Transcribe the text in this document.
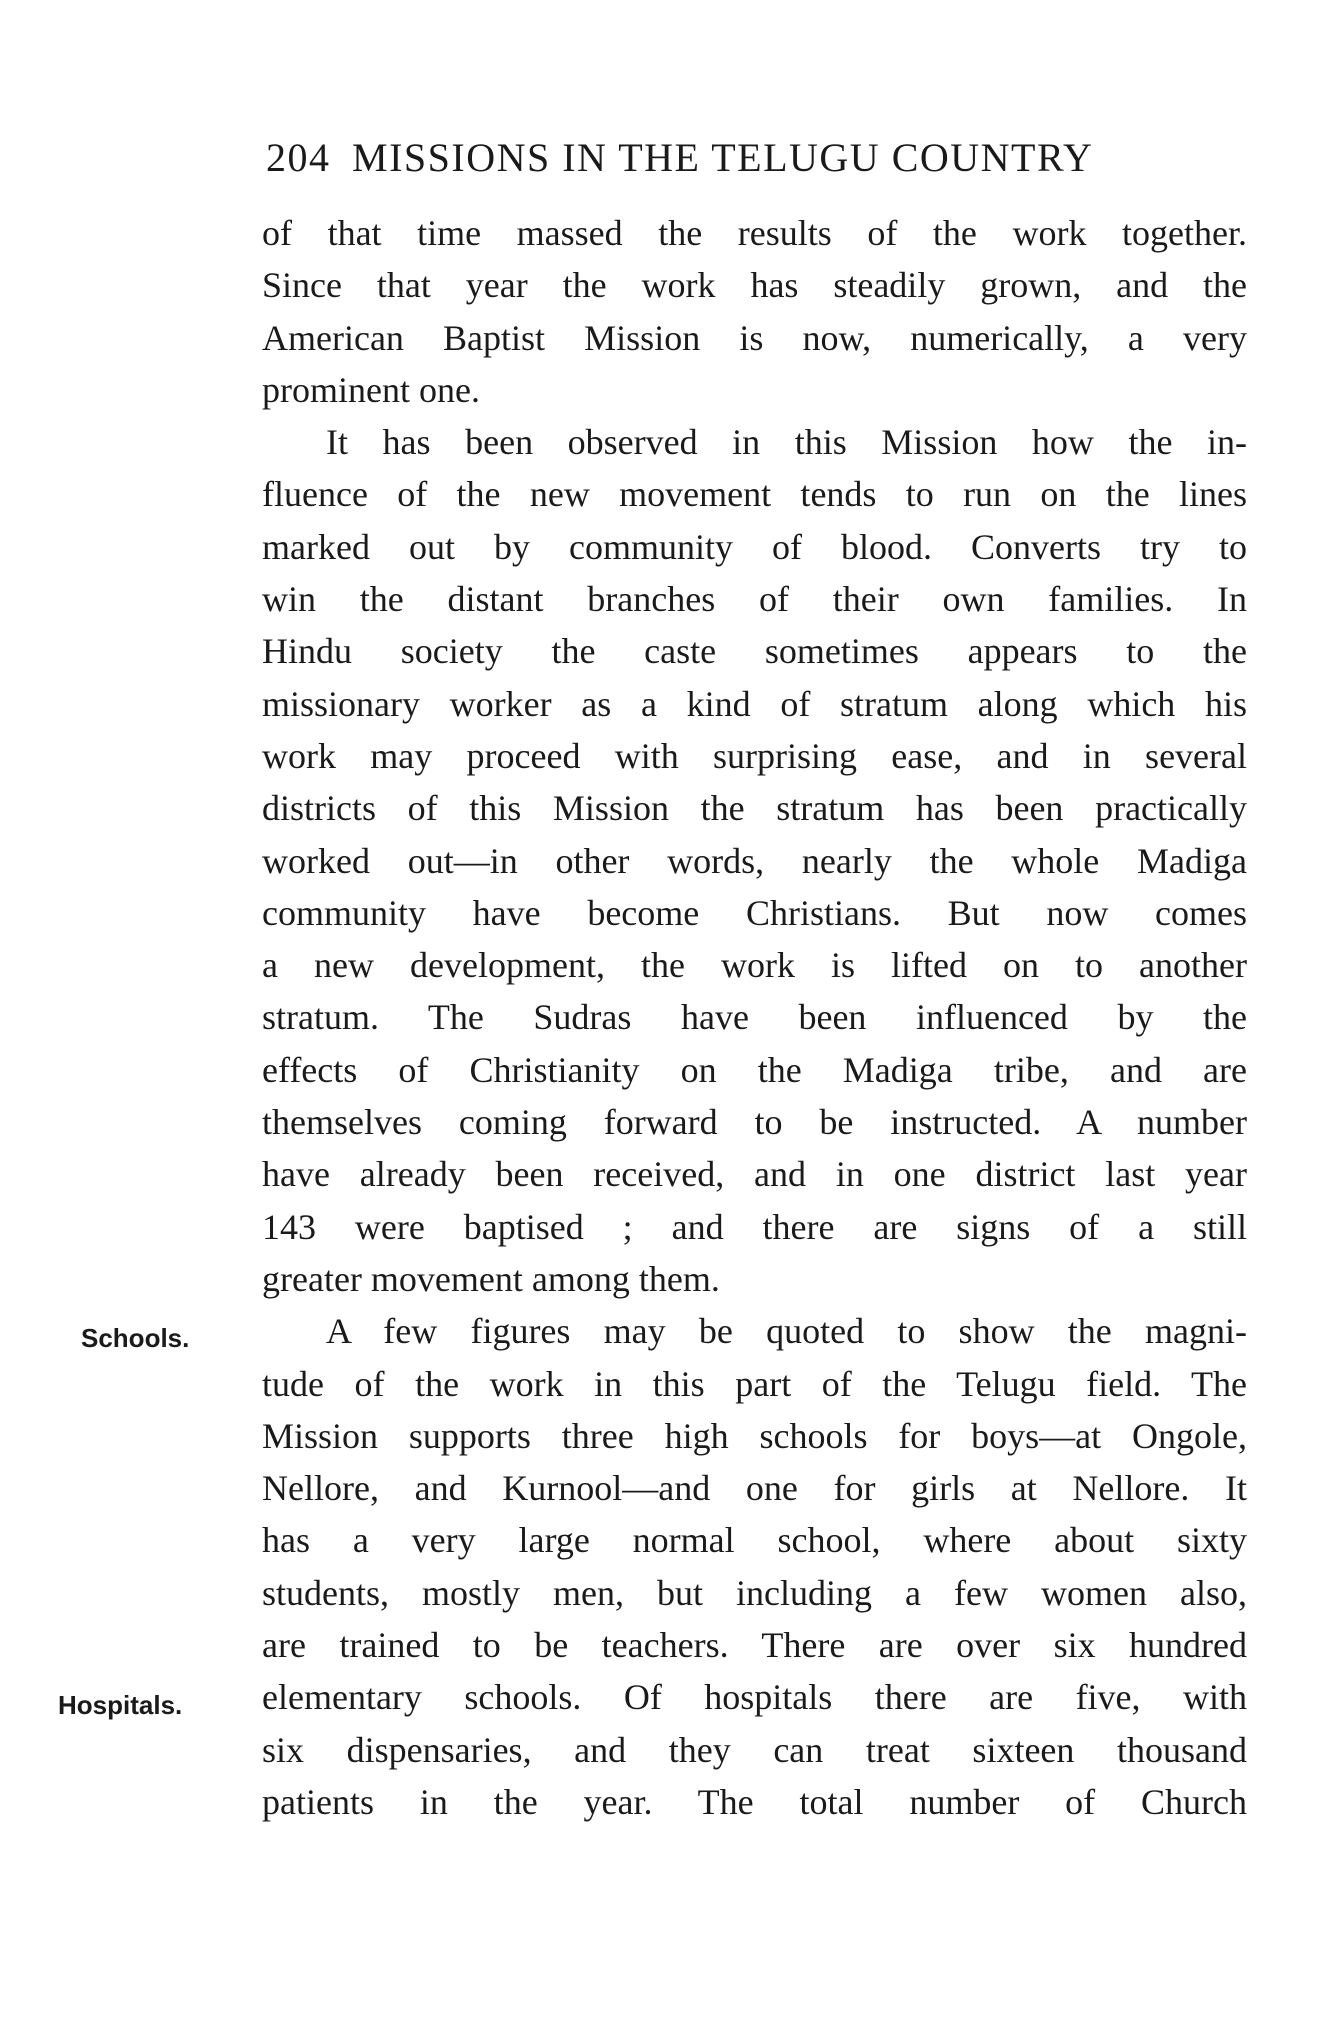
204 MISSIONS IN THE TELUGU COUNTRY
Schools.
Hospitals.
of that time massed the results of the work together.
Since that year the work has steadily grown, and the
American Baptist Mission is now, numerically, a very
prominent one.
It has been observed in this Mission how the in-
fluence of the new movement tends to run on the lines
marked out by community of blood. Converts try to
win the distant branches of their own families. In
Hindu society the caste sometimes appears to the
missionary worker as a kind of stratum along which his
work may proceed with surprising ease, and in several
districts of this Mission the stratum has been practically
worked out—in other words, nearly the whole Madiga
community have become Christians. But now comes
a new development, the work is lifted on to another
stratum. The Sudras have been influenced by the
effects of Christianity on the Madiga tribe, and are
themselves coming forward to be instructed. A number
have already been received, and in one district last year
143 were baptised ; and there are signs of a still
greater movement among them.
A few figures may be quoted to show the magni-
tude of the work in this part of the Telugu field. The
Mission supports three high schools for boys—at Ongole,
Nellore, and Kurnool—and one for girls at Nellore. It
has a very large normal school, where about sixty
students, mostly men, but including a few women also,
are trained to be teachers. There are over six hundred
elementary schools. Of hospitals there are five, with
six dispensaries, and they can treat sixteen thousand
patients in the year. The total number of Church
